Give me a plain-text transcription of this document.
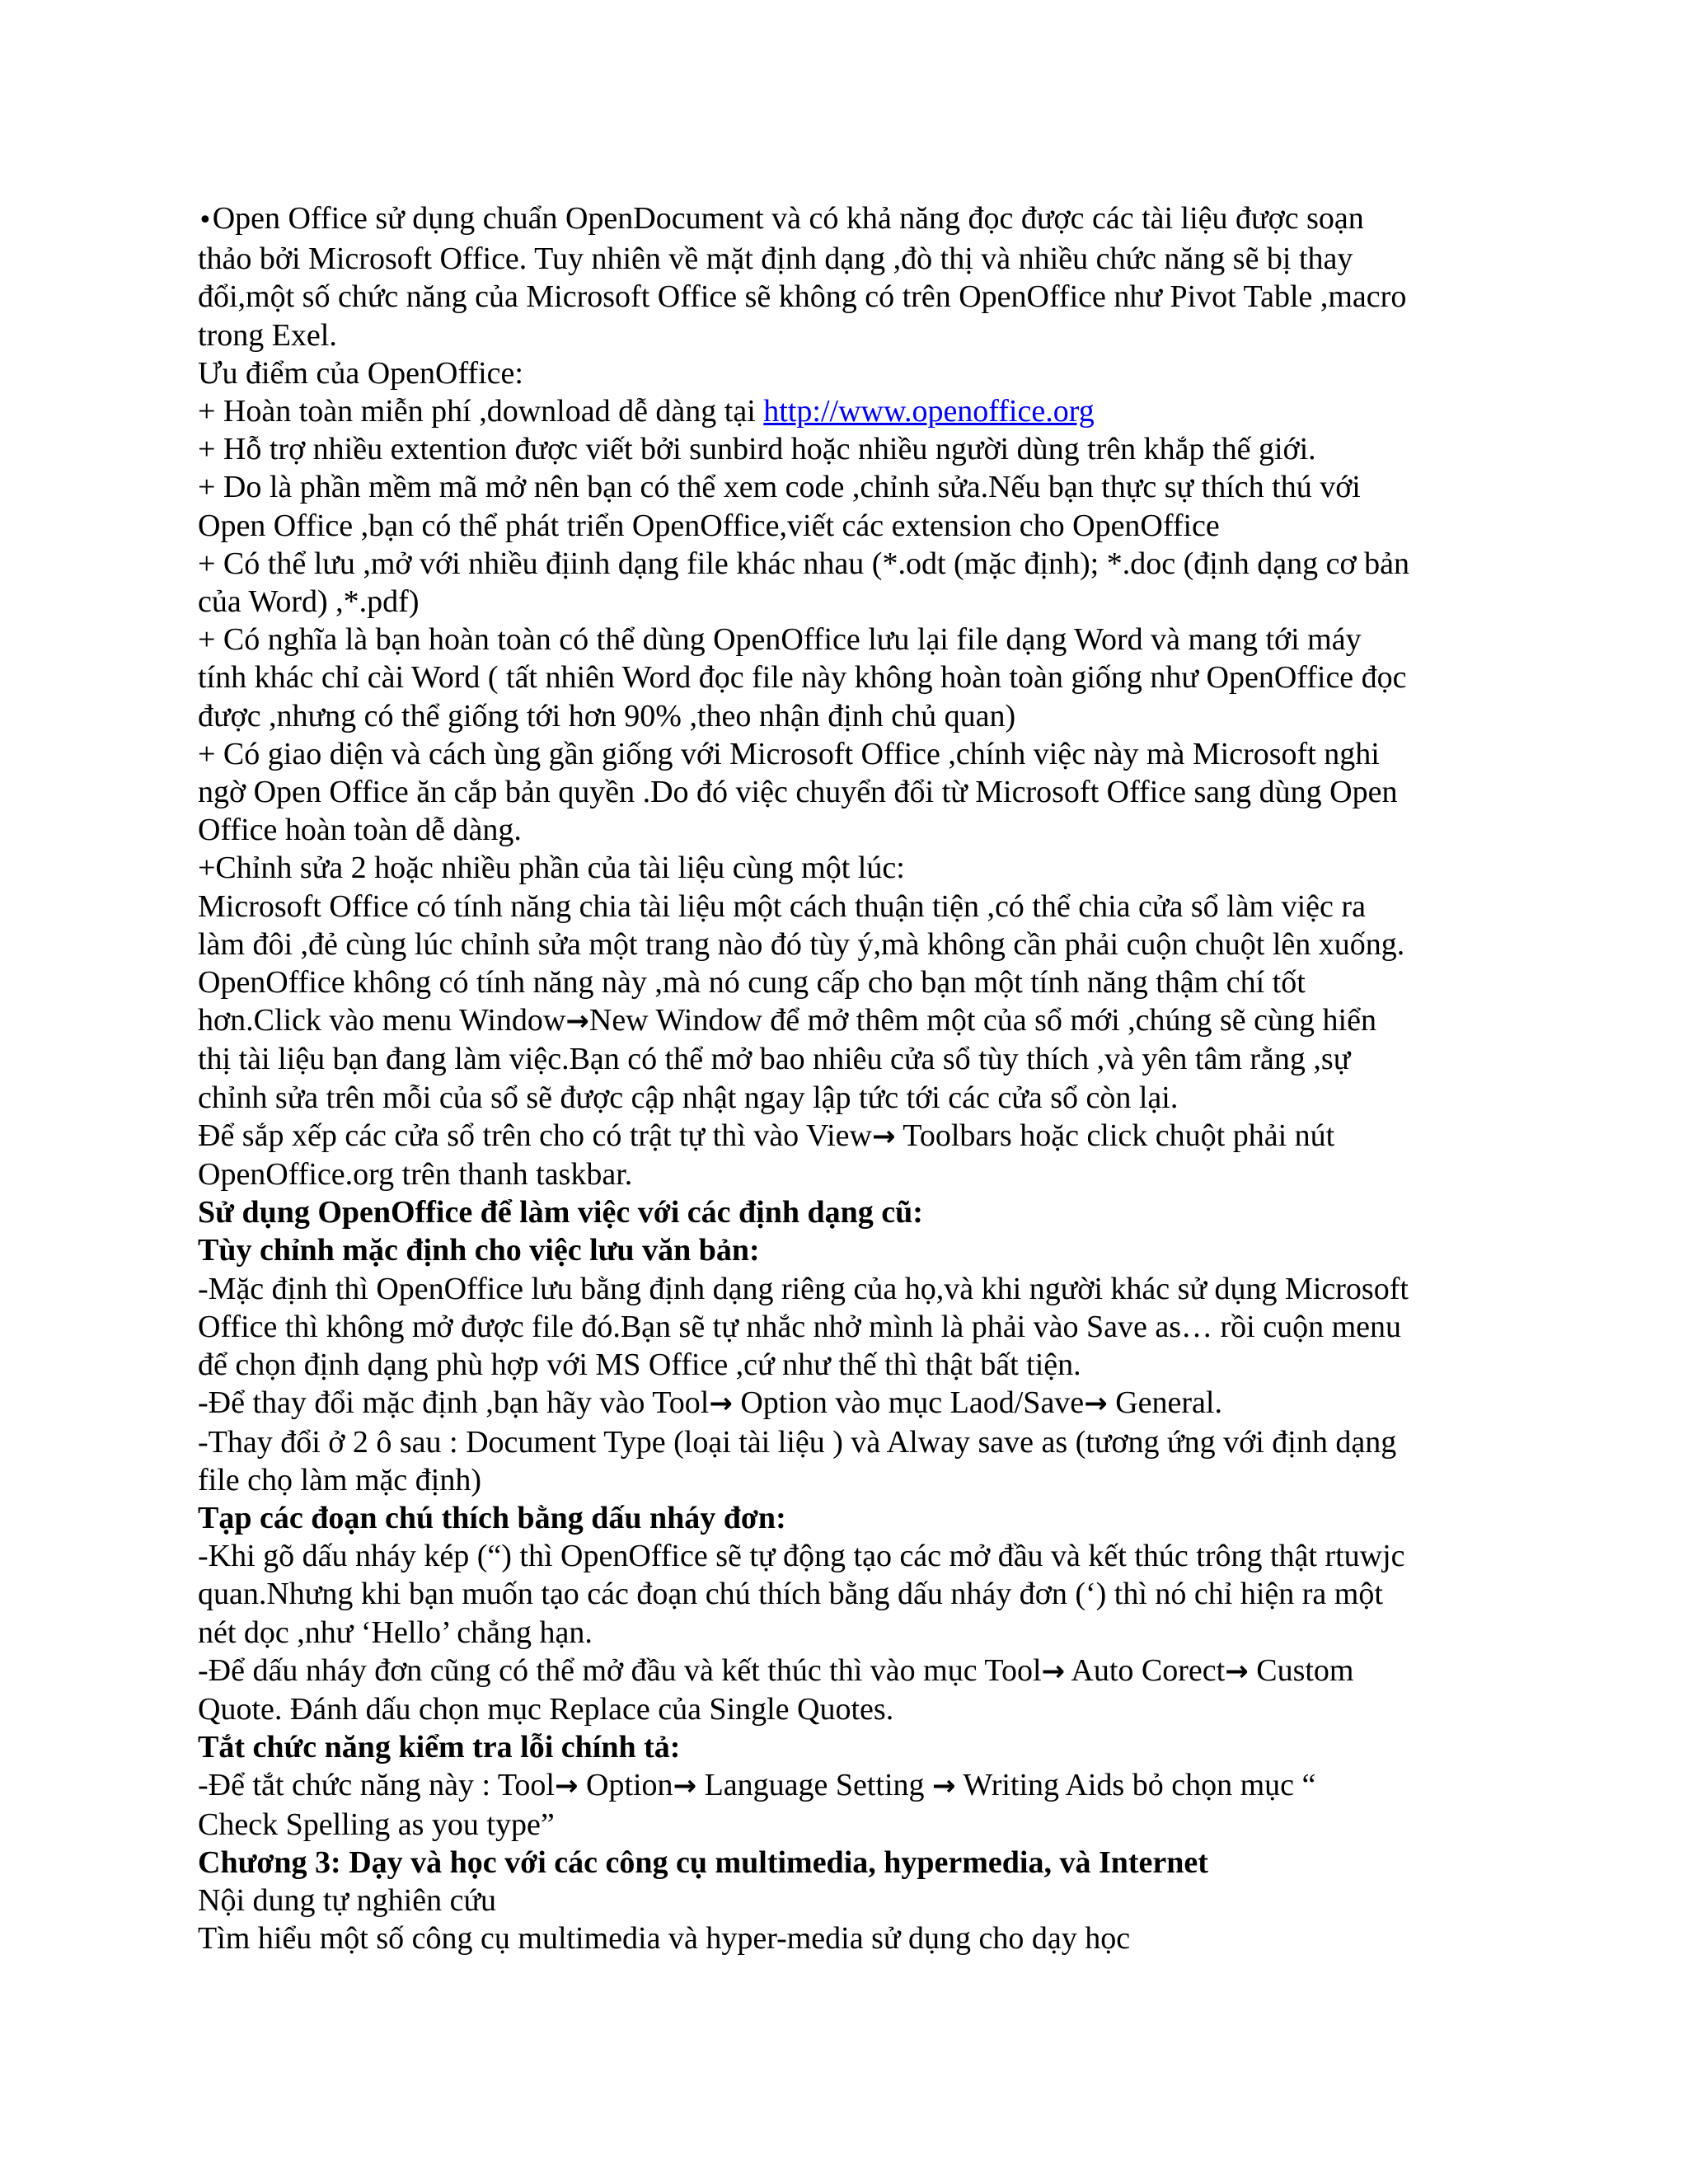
•Open Office sử dụng chuẩn OpenDocument và có khả năng đọc được các tài liệu được soạn
thảo bởi Microsoft Office. Tuy nhiên về mặt định dạng ,đò thị và nhiều chức năng sẽ bị thay
đổi,một số chức năng của Microsoft Office sẽ không có trên OpenOffice như Pivot Table ,macro
trong Exel.
Ưu điểm của OpenOffice:
+ Hoàn toàn miễn phí ,download dễ dàng tại http://www.openoffice.org
+ Hỗ trợ nhiều extention được viết bởi sunbird hoặc nhiều người dùng trên khắp thế giới.
+ Do là phần mềm mã mở nên bạn có thể xem code ,chỉnh sửa.Nếu bạn thực sự thích thú với
Open Office ,bạn có thể phát triển OpenOffice,viết các extension cho OpenOffice
+ Có thể lưu ,mở với nhiều địinh dạng file khác nhau (*.odt (mặc định); *.doc (định dạng cơ bản
của Word) ,*.pdf)
+ Có nghĩa là bạn hoàn toàn có thể dùng OpenOffice lưu lại file dạng Word và mang tới máy
tính khác chỉ cài Word ( tất nhiên Word đọc file này không hoàn toàn giống như OpenOffice đọc
được ,nhưng có thể giống tới hơn 90% ,theo nhận định chủ quan)
+ Có giao diện và cách ùng gần giống với Microsoft Office ,chính việc này mà Microsoft nghi
ngờ Open Office ăn cắp bản quyền .Do đó việc chuyển đổi từ Microsoft Office sang dùng Open
Office hoàn toàn dễ dàng.
+Chỉnh sửa 2 hoặc nhiều phần của tài liệu cùng một lúc:
Microsoft Office có tính năng chia tài liệu một cách thuận tiện ,có thể chia cửa sổ làm việc ra
làm đôi ,đẻ cùng lúc chỉnh sửa một trang nào đó tùy ý,mà không cần phải cuộn chuột lên xuống.
OpenOffice không có tính năng này ,mà nó cung cấp cho bạn một tính năng thậm chí tốt
hơn.Click vào menu Window→New Window để mở thêm một của sổ mới ,chúng sẽ cùng hiển
thị tài liệu bạn đang làm việc.Bạn có thể mở bao nhiêu cửa sổ tùy thích ,và yên tâm rằng ,sự
chỉnh sửa trên mỗi của sổ sẽ được cập nhật ngay lập tức tới các cửa sổ còn lại.
Để sắp xếp các cửa sổ trên cho có trật tự thì vào View→ Toolbars hoặc click chuột phải nút
OpenOffice.org trên thanh taskbar.
Sử dụng OpenOffice để làm việc với các định dạng cũ:
Tùy chỉnh mặc định cho việc lưu văn bản:
-Mặc định thì OpenOffice lưu bằng định dạng riêng của họ,và khi người khác sử dụng Microsoft
Office thì không mở được file đó.Bạn sẽ tự nhắc nhở mình là phải vào Save as… rồi cuộn menu
để chọn định dạng phù hợp với MS Office ,cứ như thế thì thật bất tiện.
-Để thay đổi mặc định ,bạn hãy vào Tool→ Option vào mục Laod/Save→ General.
-Thay đổi ở 2 ô sau : Document Type (loại tài liệu ) và Alway save as (tương ứng với định dạng
file chọ làm mặc định)
Tạp các đoạn chú thích bằng dấu nháy đơn:
-Khi gõ dấu nháy kép (“) thì OpenOffice sẽ tự động tạo các mở đầu và kết thúc trông thật rtuwjc
quan.Nhưng khi bạn muốn tạo các đoạn chú thích bằng dấu nháy đơn (‘) thì nó chỉ hiện ra một
nét dọc ,như ‘Hello’ chẳng hạn.
-Để dấu nháy đơn cũng có thể mở đầu và kết thúc thì vào mục Tool→ Auto Corect→ Custom
Quote. Đánh dấu chọn mục Replace của Single Quotes.
Tắt chức năng kiểm tra lỗi chính tả:
-Để tắt chức năng này : Tool→ Option→ Language Setting → Writing Aids bỏ chọn mục “
Check Spelling as you type”
Chương 3: Dạy và học với các công cụ multimedia, hypermedia, và Internet
Nội dung tự nghiên cứu
Tìm hiểu một số công cụ multimedia và hyper-media sử dụng cho dạy học
